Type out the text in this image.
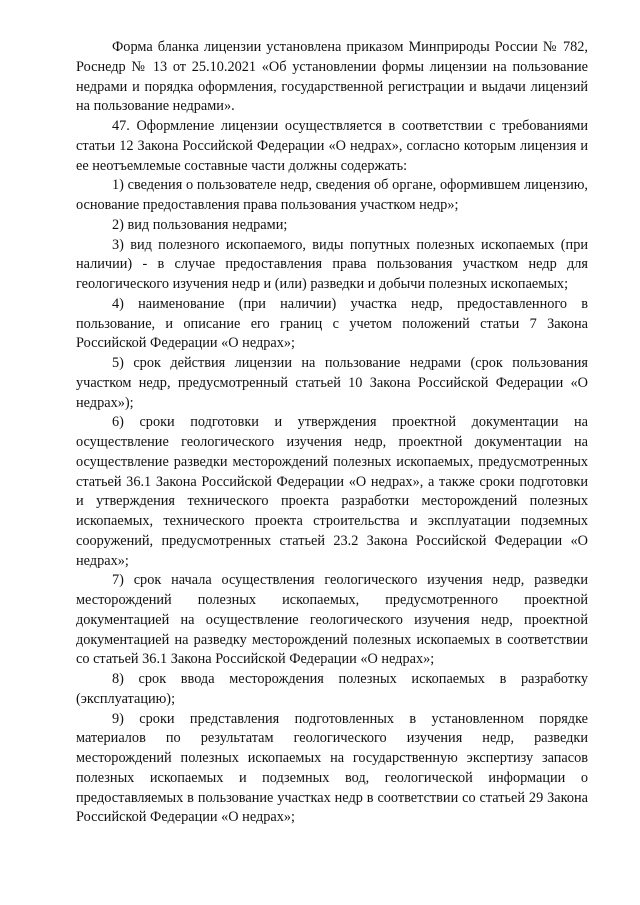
Форма бланка лицензии установлена приказом Минприроды России № 782, Роснедр № 13 от 25.10.2021 «Об установлении формы лицензии на пользование недрами и порядка оформления, государственной регистрации и выдачи лицензий на пользование недрами».

47. Оформление лицензии осуществляется в соответствии с требованиями статьи 12 Закона Российской Федерации «О недрах», согласно которым лицензия и ее неотъемлемые составные части должны содержать:

1) сведения о пользователе недр, сведения об органе, оформившем лицензию, основание предоставления права пользования участком недр»;

2) вид пользования недрами;

3) вид полезного ископаемого, виды попутных полезных ископаемых (при наличии) - в случае предоставления права пользования участком недр для геологического изучения недр и (или) разведки и добычи полезных ископаемых;

4) наименование (при наличии) участка недр, предоставленного в пользование, и описание его границ с учетом положений статьи 7 Закона Российской Федерации «О недрах»;

5) срок действия лицензии на пользование недрами (срок пользования участком недр, предусмотренный статьей 10 Закона Российской Федерации «О недрах»);

6) сроки подготовки и утверждения проектной документации на осуществление геологического изучения недр, проектной документации на осуществление разведки месторождений полезных ископаемых, предусмотренных статьей 36.1 Закона Российской Федерации «О недрах», а также сроки подготовки и утверждения технического проекта разработки месторождений полезных ископаемых, технического проекта строительства и эксплуатации подземных сооружений, предусмотренных статьей 23.2 Закона Российской Федерации «О недрах»;

7) срок начала осуществления геологического изучения недр, разведки месторождений полезных ископаемых, предусмотренного проектной документацией на осуществление геологического изучения недр, проектной документацией на разведку месторождений полезных ископаемых в соответствии со статьей 36.1 Закона Российской Федерации «О недрах»;

8) срок ввода месторождения полезных ископаемых в разработку (эксплуатацию);

9) сроки представления подготовленных в установленном порядке материалов по результатам геологического изучения недр, разведки месторождений полезных ископаемых на государственную экспертизу запасов полезных ископаемых и подземных вод, геологической информации о предоставляемых в пользование участках недр в соответствии со статьей 29 Закона Российской Федерации «О недрах»;
